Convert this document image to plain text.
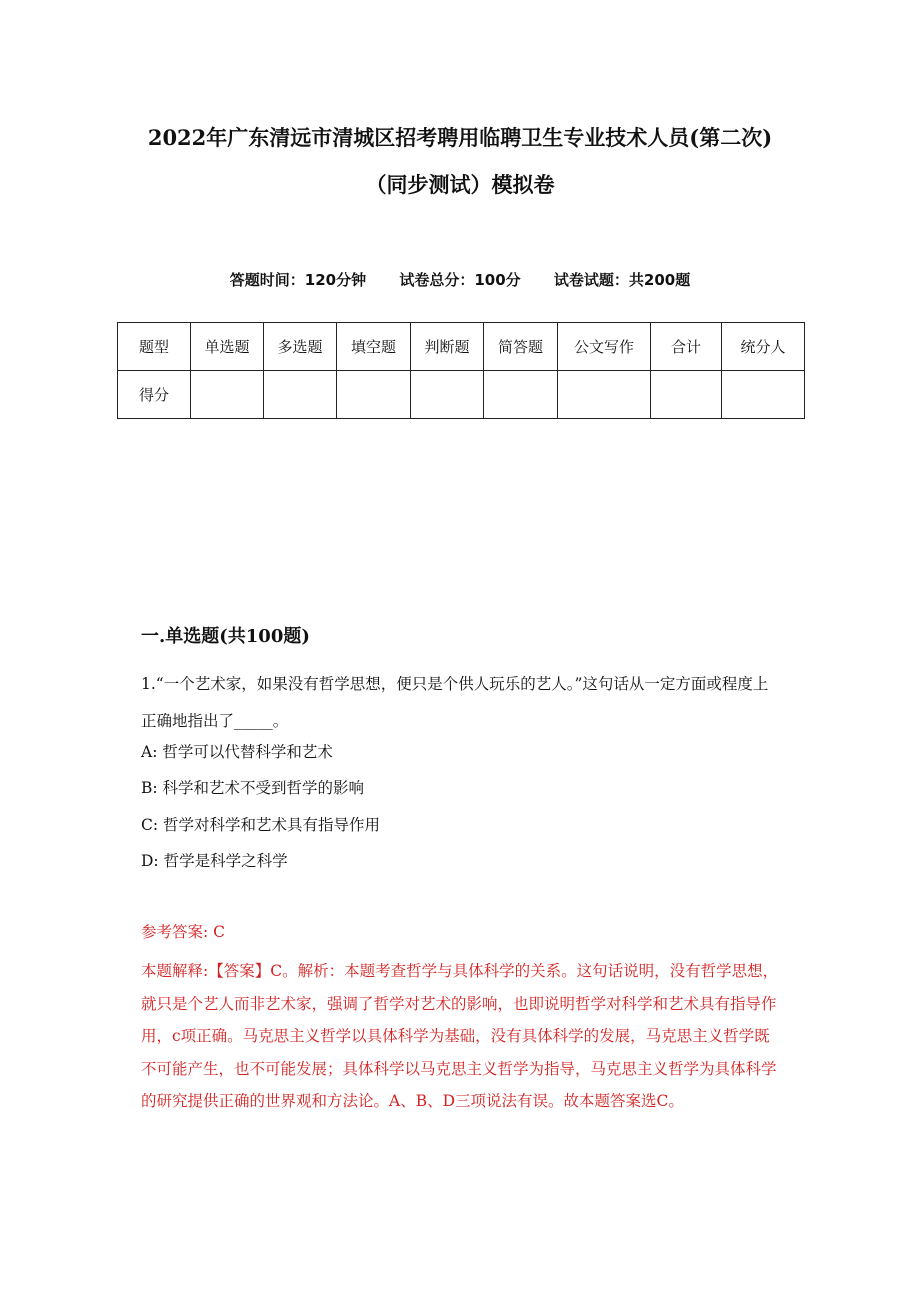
2022年广东清远市清城区招考聘用临聘卫生专业技术人员(第二次)
（同步测试）模拟卷
答题时间：120分钟 试卷总分：100分 试卷试题：共200题
题型	单选题	多选题	填空题	判断题	简答题	公文写作	合计	统分人
得分								
一.单选题(共100题)
1.“一个艺术家，如果没有哲学思想，便只是个供人玩乐的艺人。”这句话从一定方面或程度上正确地指出了_____。
A: 哲学可以代替科学和艺术
B: 科学和艺术不受到哲学的影响
C: 哲学对科学和艺术具有指导作用
D: 哲学是科学之科学
参考答案: C
本题解释:【答案】C。解析：本题考查哲学与具体科学的关系。这句话说明，没有哲学思想，就只是个艺人而非艺术家，强调了哲学对艺术的影响，也即说明哲学对科学和艺术具有指导作用，c项正确。马克思主义哲学以具体科学为基础，没有具体科学的发展，马克思主义哲学既不可能产生，也不可能发展；具体科学以马克思主义哲学为指导，马克思主义哲学为具体科学的研究提供正确的世界观和方法论。A、B、D三项说法有误。故本题答案选C。
